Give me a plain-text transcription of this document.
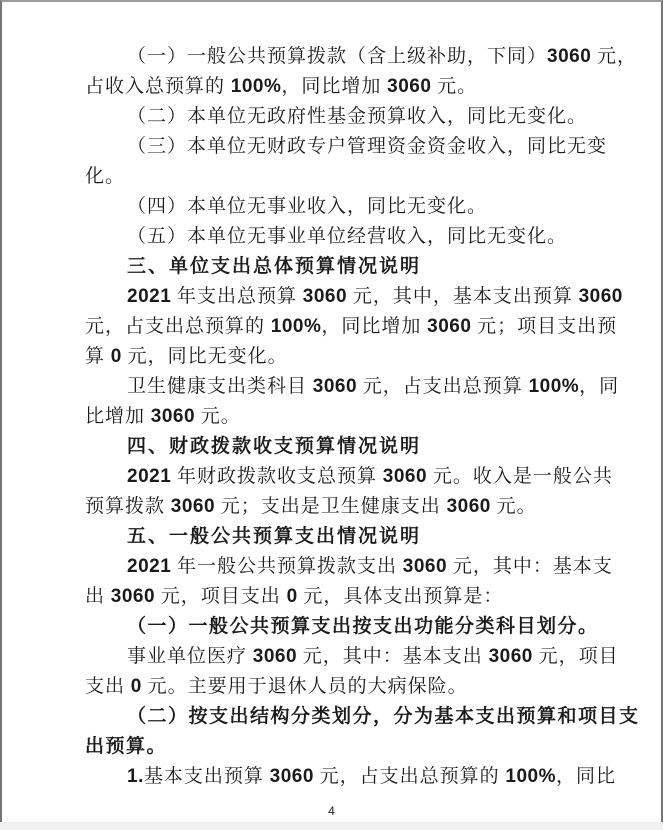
（一）一般公共预算拨款（含上级补助，下同）3060 元，
占收入总预算的 100%，同比增加 3060 元。
（二）本单位无政府性基金预算收入，同比无变化。
（三）本单位无财政专户管理资金资金收入，同比无变
化。
（四）本单位无事业收入，同比无变化。
（五）本单位无事业单位经营收入，同比无变化。
三、单位支出总体预算情况说明
2021 年支出总预算 3060 元，其中，基本支出预算 3060
元，占支出总预算的 100%，同比增加 3060 元；项目支出预
算 0 元，同比无变化。
卫生健康支出类科目 3060 元，占支出总预算 100%，同
比增加 3060 元。
四、财政拨款收支预算情况说明
2021 年财政拨款收支总预算 3060 元。收入是一般公共
预算拨款 3060 元；支出是卫生健康支出 3060 元。
五、一般公共预算支出情况说明
2021 年一般公共预算拨款支出 3060 元，其中：基本支
出 3060 元，项目支出 0 元，具体支出预算是：
（一）一般公共预算支出按支出功能分类科目划分。
事业单位医疗 3060 元，其中：基本支出 3060 元，项目
支出 0 元。主要用于退休人员的大病保险。
（二）按支出结构分类划分，分为基本支出预算和项目支
出预算。
1.基本支出预算 3060 元，占支出总预算的 100%，同比
4
